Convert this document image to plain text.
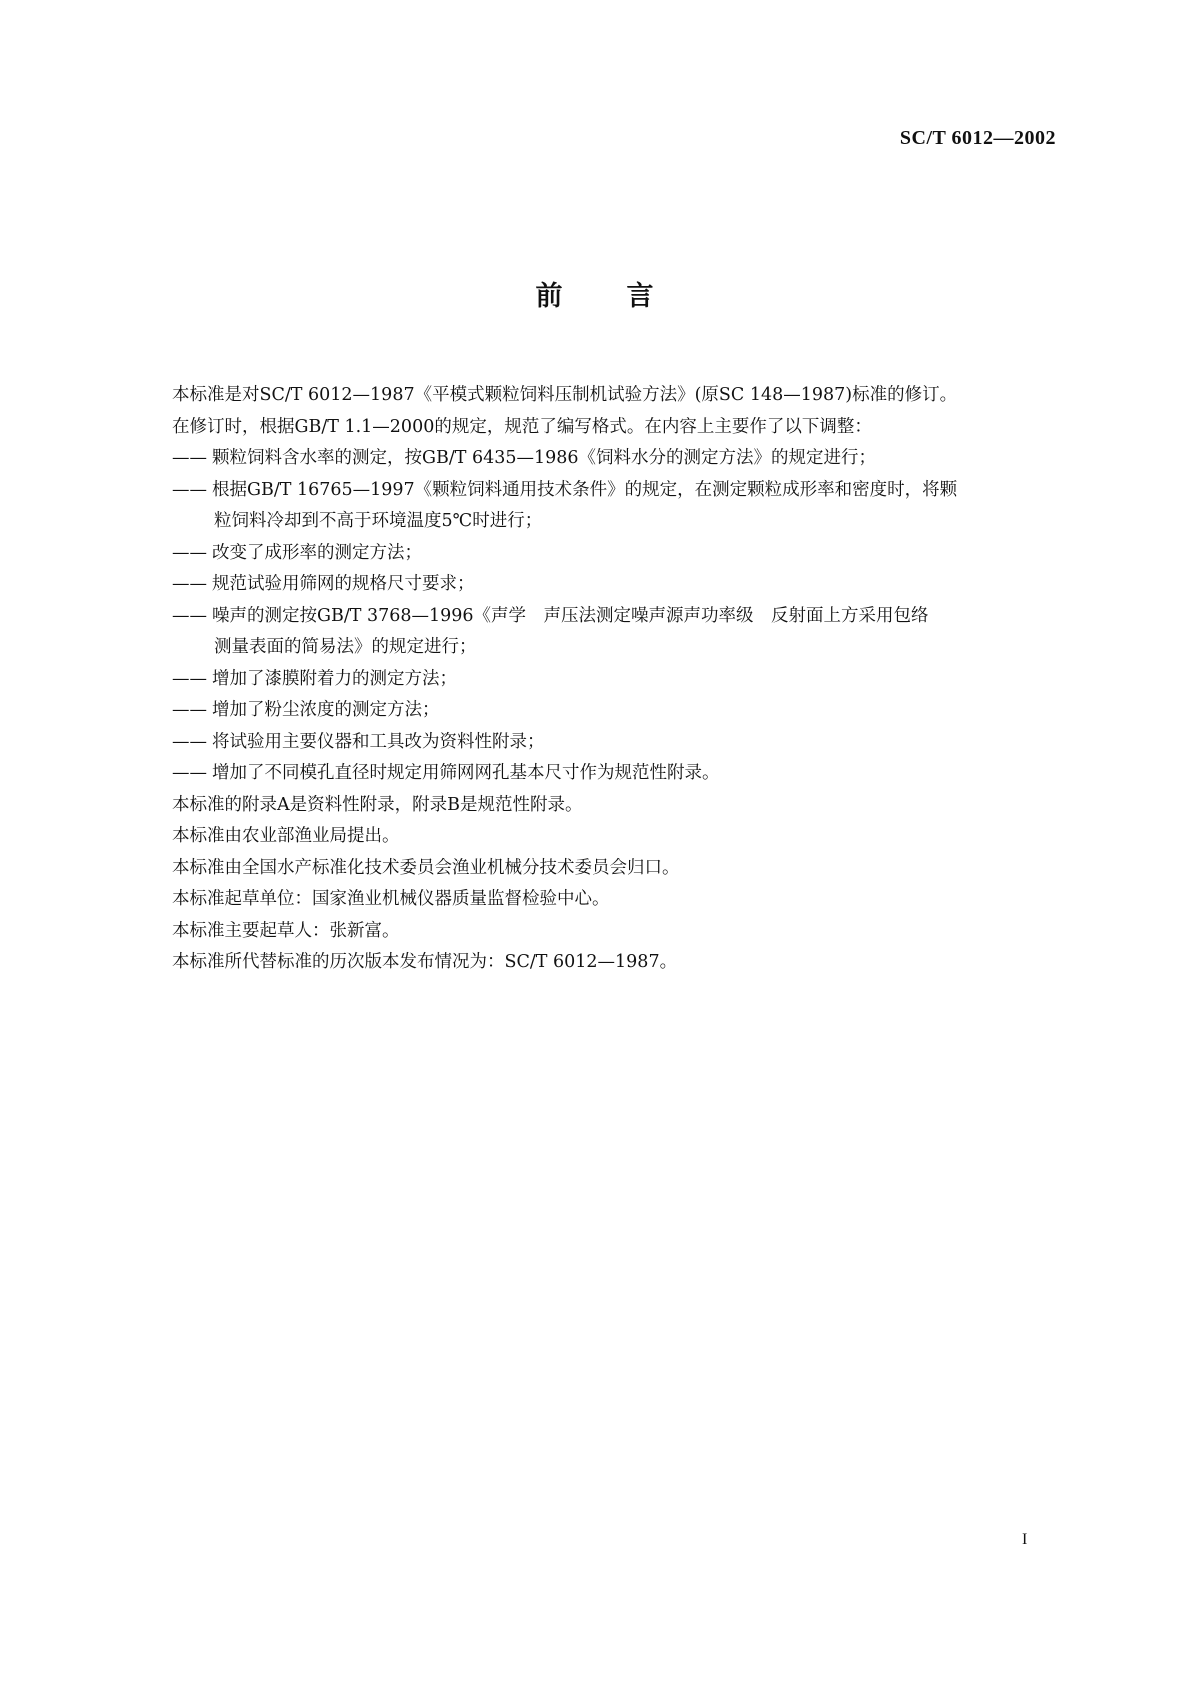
SC/T 6012—2002
前 言
本标准是对SC/T 6012—1987《平模式颗粒饲料压制机试验方法》(原SC 148—1987)标准的修订。
在修订时，根据GB/T 1.1—2000的规定，规范了编写格式。在内容上主要作了以下调整：
—— 颗粒饲料含水率的测定，按GB/T 6435—1986《饲料水分的测定方法》的规定进行；
—— 根据GB/T 16765—1997《颗粒饲料通用技术条件》的规定，在测定颗粒成形率和密度时，将颗
粒饲料冷却到不高于环境温度5℃时进行；
—— 改变了成形率的测定方法；
—— 规范试验用筛网的规格尺寸要求；
—— 噪声的测定按GB/T 3768—1996《声学　声压法测定噪声源声功率级　反射面上方采用包络
测量表面的简易法》的规定进行；
—— 增加了漆膜附着力的测定方法；
—— 增加了粉尘浓度的测定方法；
—— 将试验用主要仪器和工具改为资料性附录；
—— 增加了不同模孔直径时规定用筛网网孔基本尺寸作为规范性附录。
本标准的附录A是资料性附录，附录B是规范性附录。
本标准由农业部渔业局提出。
本标准由全国水产标准化技术委员会渔业机械分技术委员会归口。
本标准起草单位：国家渔业机械仪器质量监督检验中心。
本标准主要起草人：张新富。
本标准所代替标准的历次版本发布情况为：SC/T 6012—1987。
I
